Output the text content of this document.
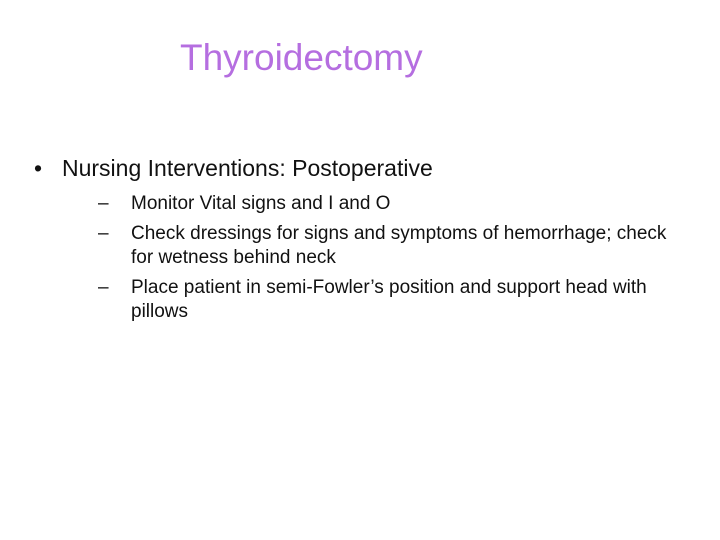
Thyroidectomy
• Nursing Interventions: Postoperative
–	Monitor Vital signs and I and O
–	Check dressings for signs and symptoms of hemorrhage; check for wetness behind neck
–	Place patient in semi-Fowler’s position and support head with pillows
